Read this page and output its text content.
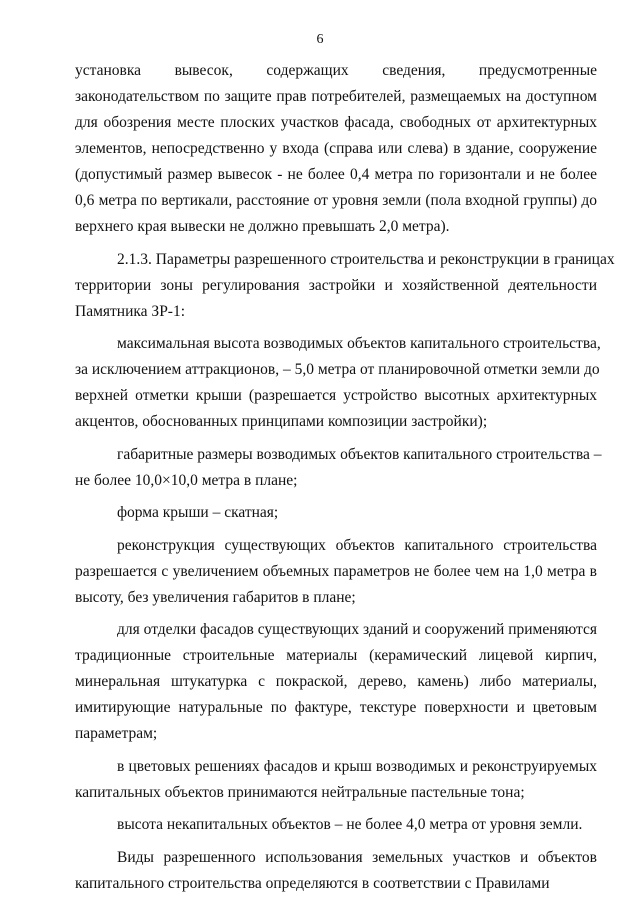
6
установка вывесок, содержащих сведения, предусмотренные
законодательством по защите прав потребителей, размещаемых на доступном
для обозрения месте плоских участков фасада, свободных от архитектурных
элементов, непосредственно у входа (справа или слева) в здание, сооружение
(допустимый размер вывесок - не более 0,4 метра по горизонтали и не более
0,6 метра по вертикали, расстояние от уровня земли (пола входной группы) до
верхнего края вывески не должно превышать 2,0 метра).
2.1.3. Параметры разрешенного строительства и реконструкции в границах
территории зоны регулирования застройки и хозяйственной деятельности
Памятника ЗР-1:
максимальная высота возводимых объектов капитального строительства,
за исключением аттракционов, – 5,0 метра от планировочной отметки земли до
верхней отметки крыши (разрешается устройство высотных архитектурных
акцентов, обоснованных принципами композиции застройки);
габаритные размеры возводимых объектов капитального строительства –
не более 10,0×10,0 метра в плане;
форма крыши – скатная;
реконструкция существующих объектов капитального строительства
разрешается с увеличением объемных параметров не более чем на 1,0 метра в
высоту, без увеличения габаритов в плане;
для отделки фасадов существующих зданий и сооружений применяются
традиционные строительные материалы (керамический лицевой кирпич,
минеральная штукатурка с покраской, дерево, камень) либо материалы,
имитирующие натуральные по фактуре, текстуре поверхности и цветовым
параметрам;
в цветовых решениях фасадов и крыш возводимых и реконструируемых
капитальных объектов принимаются нейтральные пастельные тона;
высота некапитальных объектов – не более 4,0 метра от уровня земли.
Виды разрешенного использования земельных участков и объектов
капитального строительства определяются в соответствии с Правилами
